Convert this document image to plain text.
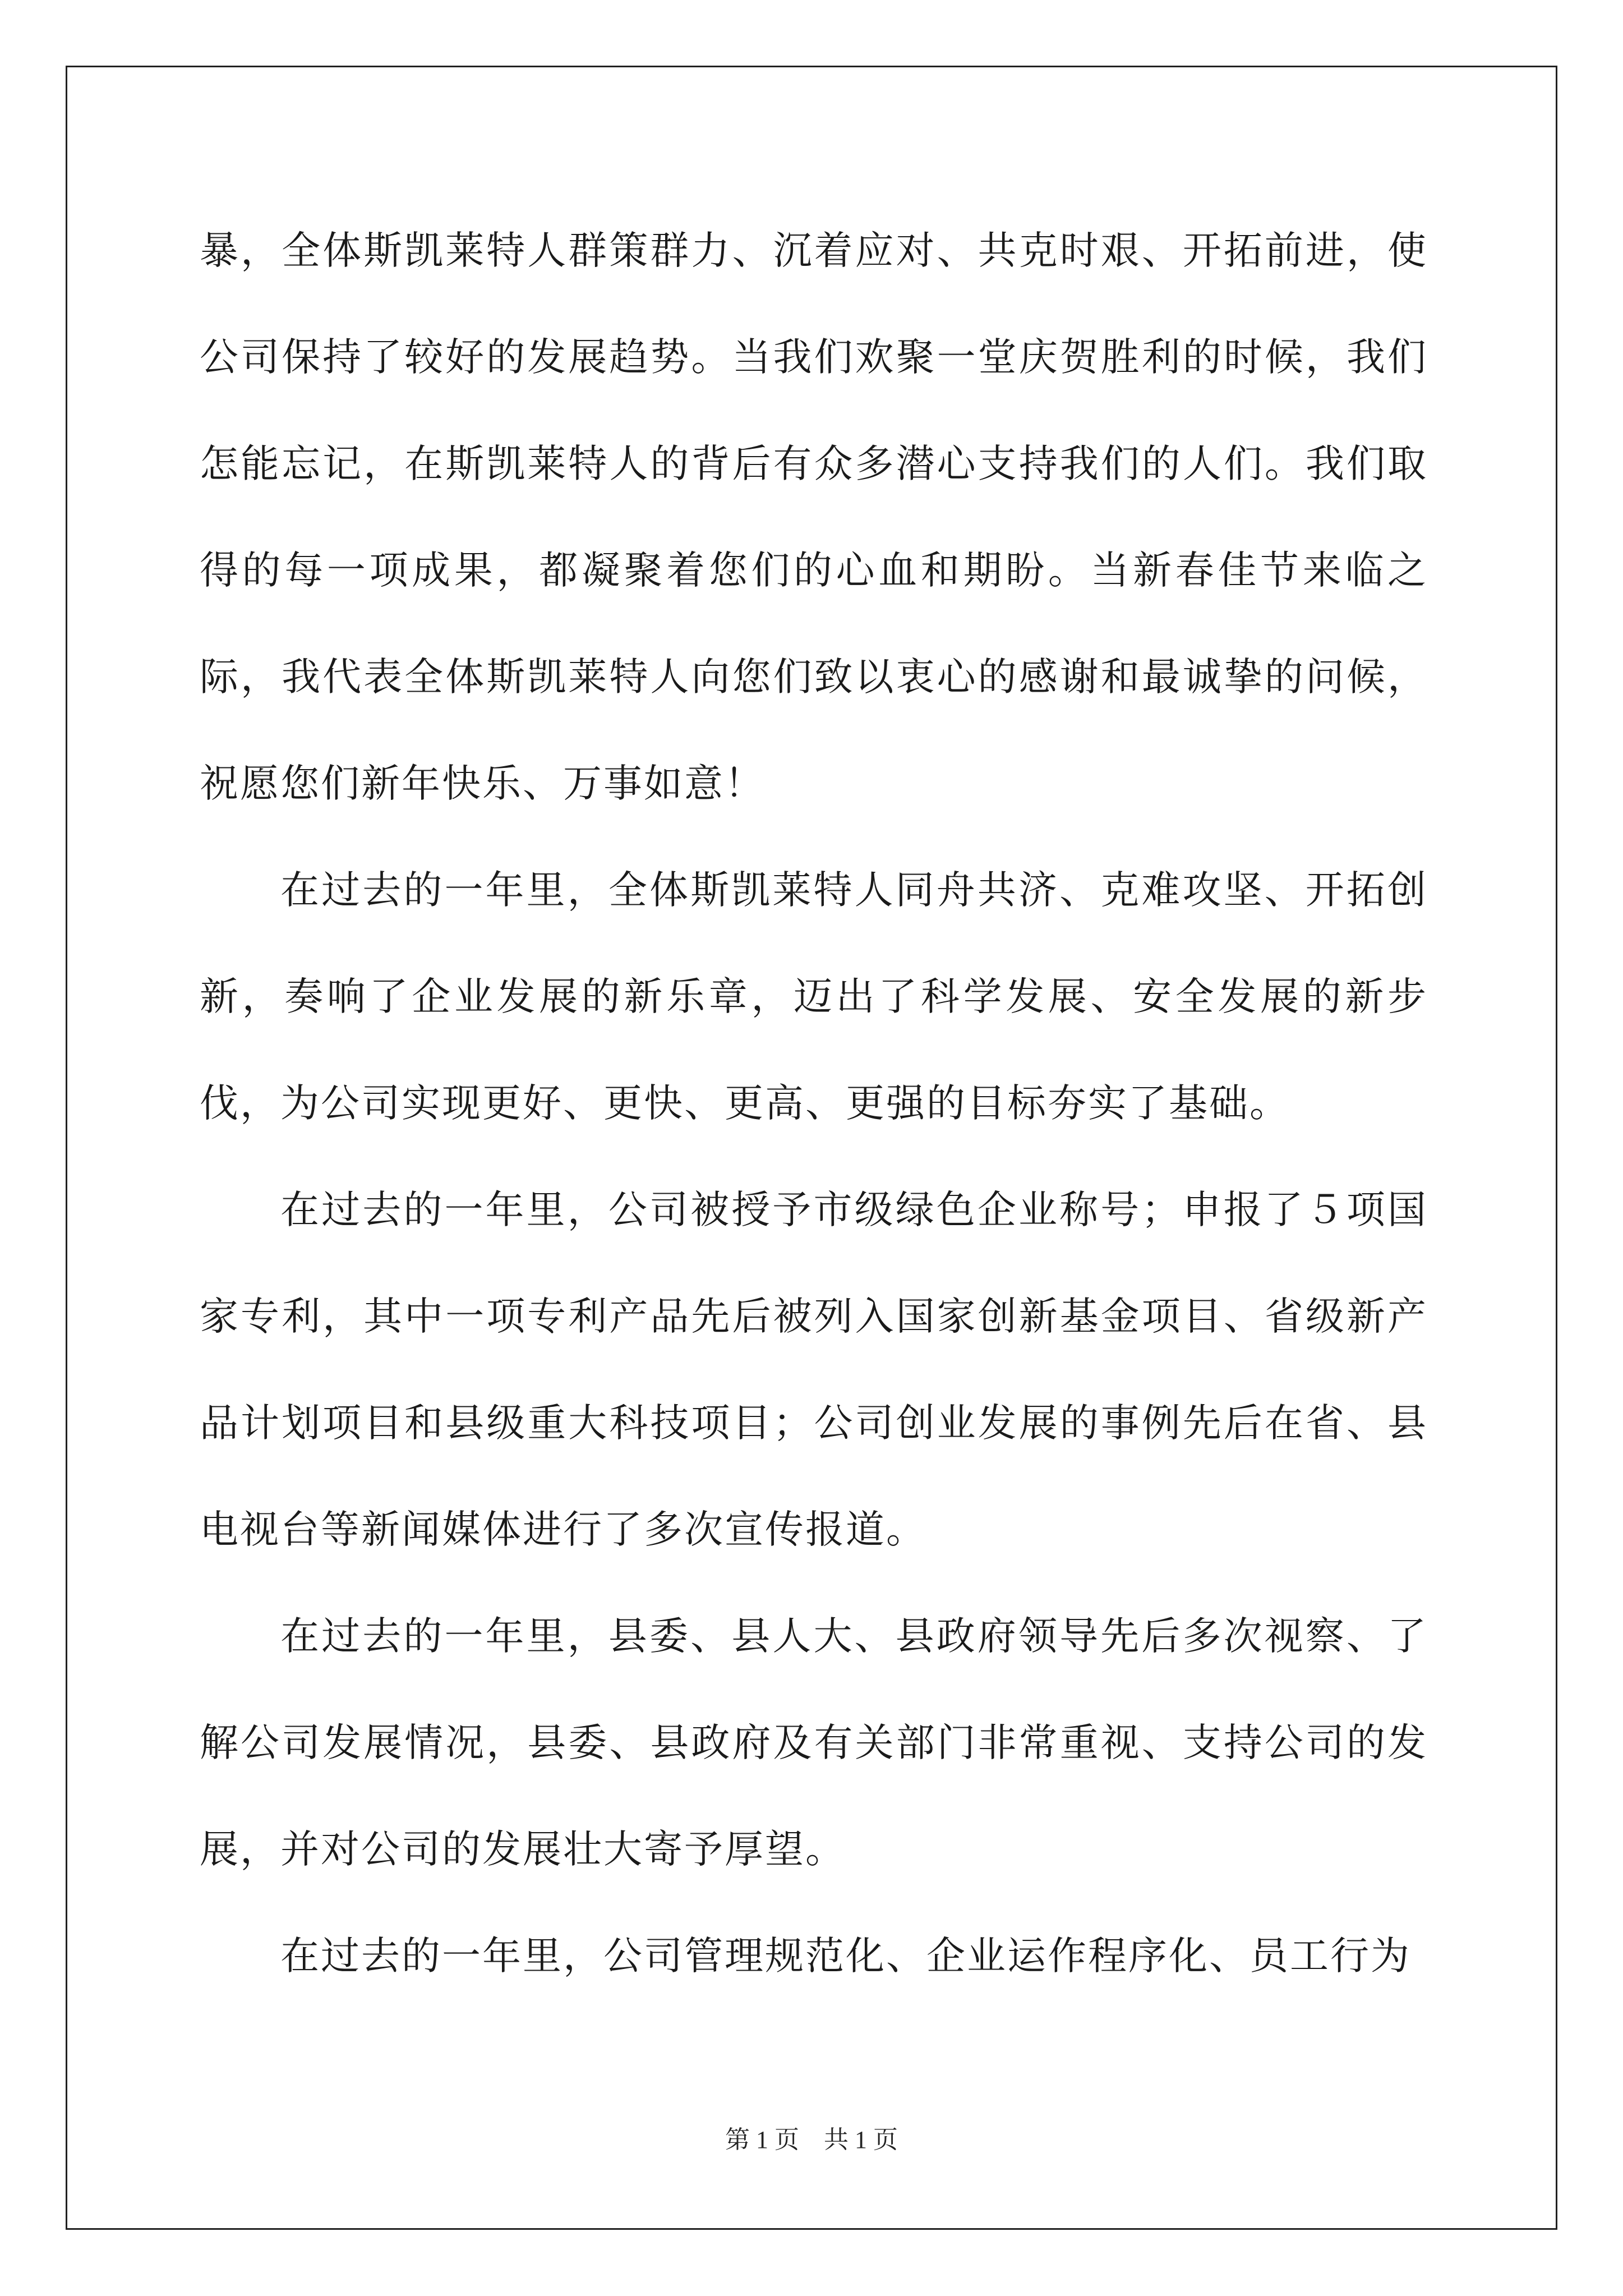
暴，全体斯凯莱特人群策群力、沉着应对、共克时艰、开拓前进，使公司保持了较好的发展趋势。当我们欢聚一堂庆贺胜利的时候，我们怎能忘记，在斯凯莱特人的背后有众多潜心支持我们的人们。我们取得的每一项成果，都凝聚着您们的心血和期盼。当新春佳节来临之际，我代表全体斯凯莱特人向您们致以衷心的感谢和最诚挚的问候，祝愿您们新年快乐、万事如意！

在过去的一年里，全体斯凯莱特人同舟共济、克难攻坚、开拓创新，奏响了企业发展的新乐章，迈出了科学发展、安全发展的新步伐，为公司实现更好、更快、更高、更强的目标夯实了基础。

在过去的一年里，公司被授予市级绿色企业称号；申报了５项国家专利，其中一项专利产品先后被列入国家创新基金项目、省级新产品计划项目和县级重大科技项目；公司创业发展的事例先后在省、县电视台等新闻媒体进行了多次宣传报道。

在过去的一年里，县委、县人大、县政府领导先后多次视察、了解公司发展情况，县委、县政府及有关部门非常重视、支持公司的发展，并对公司的发展壮大寄予厚望。

在过去的一年里，公司管理规范化、企业运作程序化、员工行为

第 1 页　共 1 页
